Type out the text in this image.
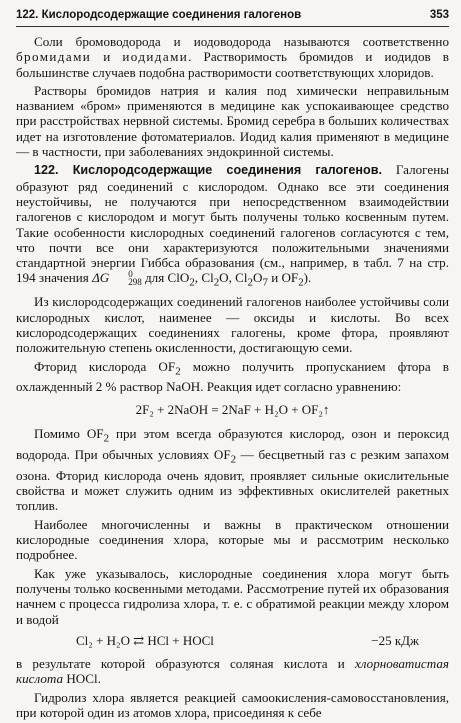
122. Кислородсодержащие соединения галогенов	353

Соли бромоводорода и иодоводорода называются соответственно бромидами и иодидами. Растворимость бромидов и иодидов в большинстве случаев подобна растворимости соответствующих хлоридов.

Растворы бромидов натрия и калия под химически неправильным названием «бром» применяются в медицине как успокаивающее средство при расстройствах нервной системы. Бромид серебра в больших количествах идет на изготовление фотоматериалов. Иодид калия применяют в медицине — в частности, при заболеваниях эндокринной системы.

122. Кислородсодержащие соединения галогенов. Галогены образуют ряд соединений с кислородом. Однако все эти соединения неустойчивы, не получаются при непосредственном взаимодействии галогенов с кислородом и могут быть получены только косвенным путем. Такие особенности кислородных соединений галогенов согласуются с тем, что почти все они характеризуются положительными значениями стандартной энергии Гиббса образования (см., например, в табл. 7 на стр. 194 значения ΔG	0
298 для ClO$_2$, $Cl_2O$, $Cl_2O_7$ и $OF_2$).

Из кислородсодержащих соединений галогенов наиболее устойчивы соли кислородных кислот, наименее — оксиды и кислоты. Во всех кислородсодержащих соединениях галогены, кроме фтора, проявляют положительную степень окисленности, достигающую семи.

Фторид кислорода $OF_2$ можно получить пропусканием фтора в охлажденный 2 % раствор NaOH. Реакция идет согласно уравнению:

2F₂ + 2NaOH = 2NaF + H₂O + OF₂↑

Помимо $OF_2$ при этом всегда образуются кислород, озон и пероксид водорода. При обычных условиях $OF_2$ — бесцветный газ с резким запахом озона. Фторид кислорода очень ядовит, проявляет сильные окислительные свойства и может служить одним из эффективных окислителей ракетных топлив.

Наиболее многочисленны и важны в практическом отношении кислородные соединения хлора, которые мы и рассмотрим несколько подробнее.

Как уже указывалось, кислородные соединения хлора могут быть получены только косвенными методами. Рассмотрение путей их образования начнем с процесса гидролиза хлора, т. е. с обратимой реакции между хлором и водой

Cl₂ + H₂O ⇄ HCl + HOCl	−25 кДж

в результате которой образуются соляная кислота и хлорноватистая кислота HOCl.

Гидролиз хлора является реакцией самоокисления-самовосстановления, при которой один из атомов хлора, присоединяя к себе
